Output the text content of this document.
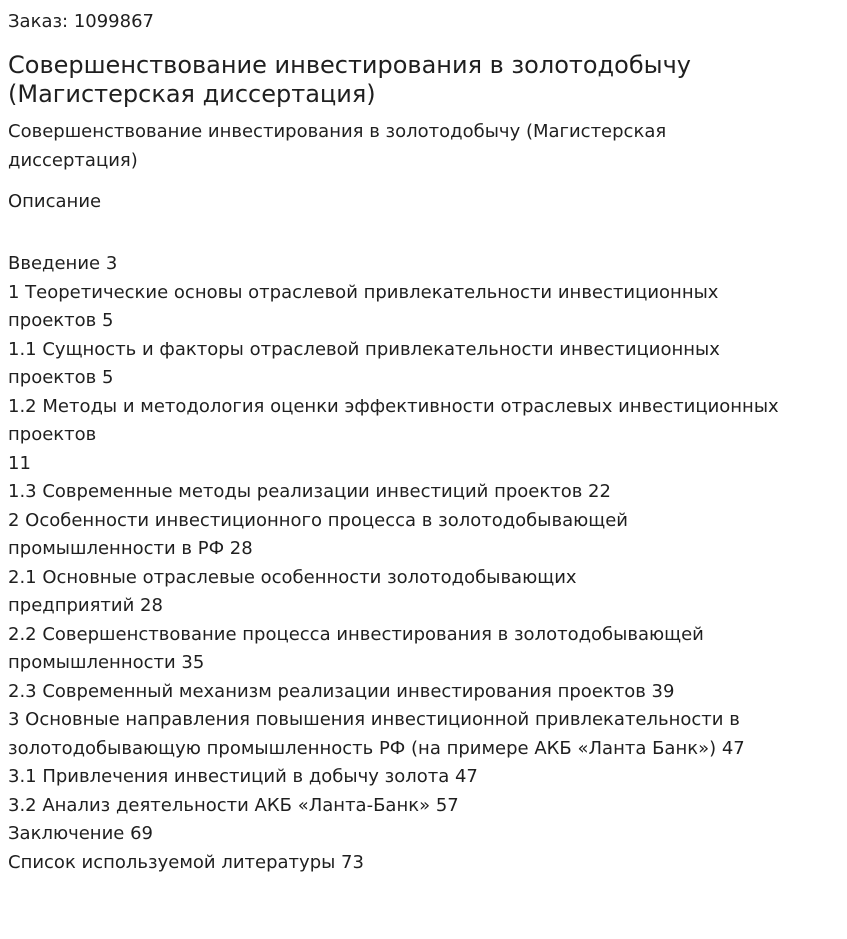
Заказ: 1099867
Совершенствование инвестирования в золотодобычу (Магистерская диссертация)
Совершенствование инвестирования в золотодобычу (Магистерская диссертация)
Описание
Введение 3
1 Теоретические основы отраслевой привлекательности инвестиционных
проектов 5
1.1 Сущность и факторы отраслевой привлекательности инвестиционных
проектов 5
1.2 Методы и методология оценки эффективности отраслевых инвестиционных
проектов
11
1.3 Современные методы реализации инвестиций проектов 22
2 Особенности инвестиционного процесса в золотодобывающей
промышленности в РФ 28
2.1 Основные отраслевые особенности золотодобывающих
предприятий 28
2.2 Совершенствование процесса инвестирования в золотодобывающей
промышленности 35
2.3 Современный механизм реализации инвестирования проектов 39
3 Основные направления повышения инвестиционной привлекательности в
золотодобывающую промышленность РФ (на примере АКБ «Ланта Банк») 47
3.1 Привлечения инвестиций в добычу золота 47
3.2 Анализ деятельности АКБ «Ланта-Банк» 57
Заключение 69
Список используемой литературы 73
